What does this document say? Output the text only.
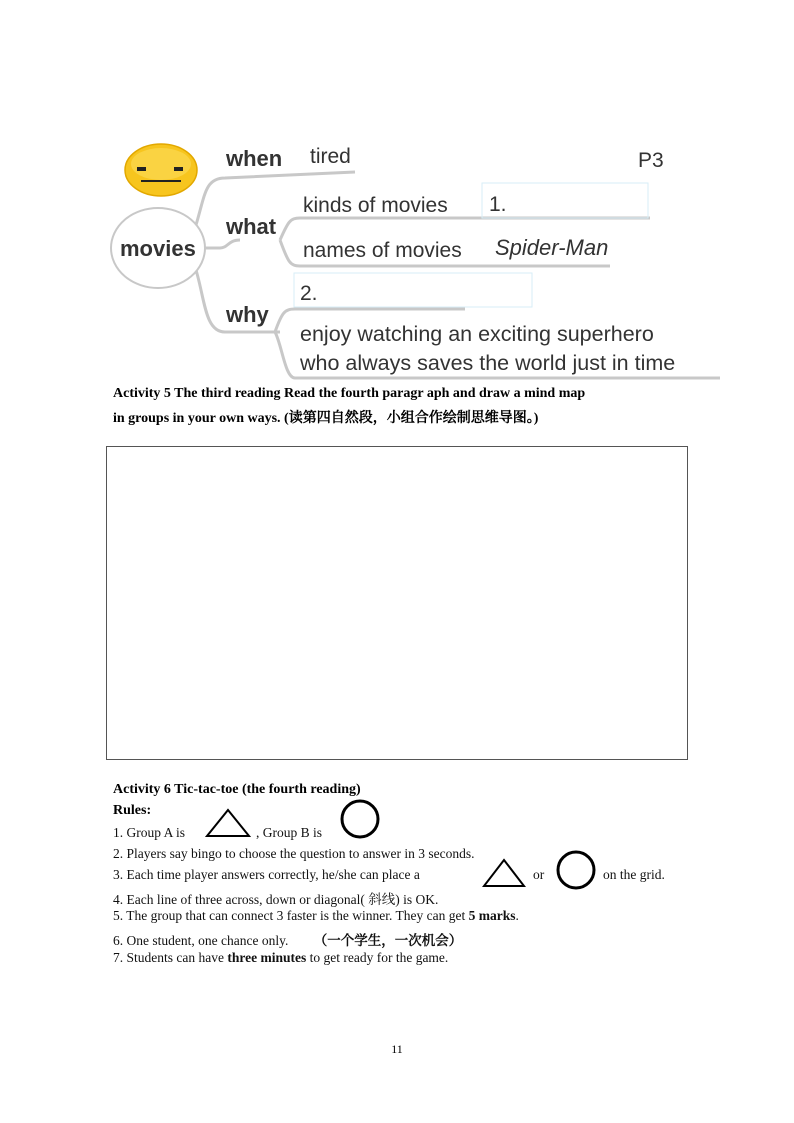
movies
P3
when
what
why
tired
kinds of movies 1.
names of movies Spider-Man
2.
enjoy watching an exciting superhero
who always saves the world just in time
Activity 5 The third reading Read the fourth paragr aph and draw a mind map
in groups in your own ways. (读第四自然段，小组合作绘制思维导图。)
Activity 6 Tic-tac-toe (the fourth reading)
Rules:
1. Group A is	, Group B is
2. Players say bingo to choose the question to answer in 3 seconds.
3. Each time player answers correctly, he/she can place a	or	on the grid.
4. Each line of three across, down or diagonal( 斜线) is OK.
5. The group that can connect 3 faster is the winner. They can get 5 marks.
6. One student, one chance only. （一个学生，一次机会）
7. Students can have three minutes to get ready for the game.
11
